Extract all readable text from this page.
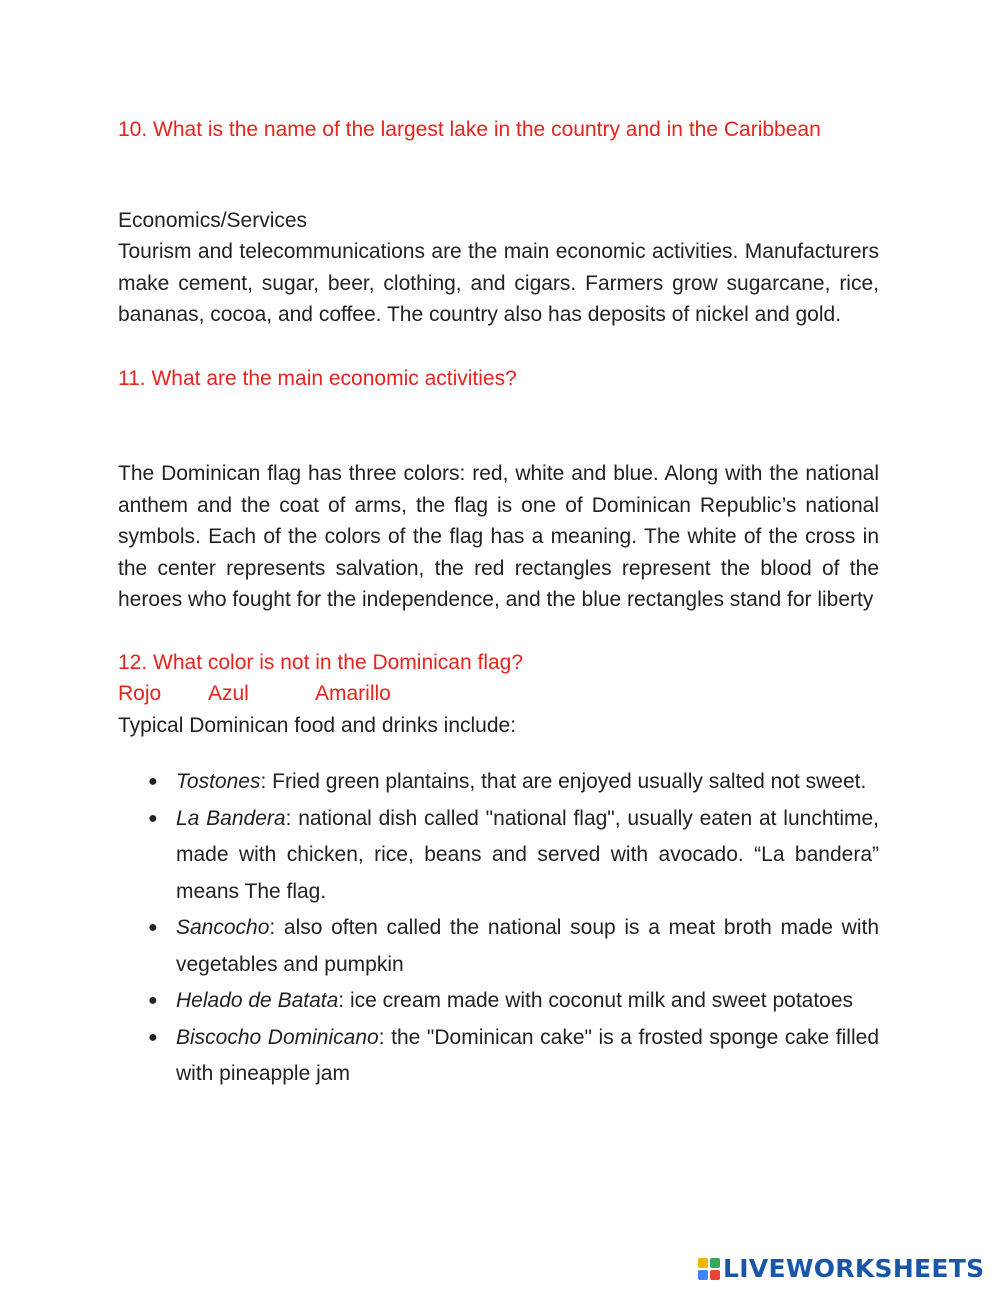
10. What is the name of the largest lake in the country and in the Caribbean

Economics/Services

Tourism and telecommunications are the main economic activities. Manufacturers make cement, sugar, beer, clothing, and cigars. Farmers grow sugarcane, rice, bananas, cocoa, and coffee. The country also has deposits of nickel and gold.

11. What are the main economic activities?

The Dominican flag has three colors: red, white and blue. Along with the national anthem and the coat of arms, the flag is one of Dominican Republic’s national symbols. Each of the colors of the flag has a meaning. The white of the cross in the center represents salvation, the red rectangles represent the blood of the heroes who fought for the independence, and the blue rectangles stand for liberty

12. What color is not in the Dominican flag?

Rojo	Azul	Amarillo

Typical Dominican food and drinks include:

● Tostones: Fried green plantains, that are enjoyed usually salted not sweet.
● La Bandera: national dish called "national flag", usually eaten at lunchtime, made with chicken, rice, beans and served with avocado. “La bandera” means The flag.
● Sancocho: also often called the national soup is a meat broth made with vegetables and pumpkin
● Helado de Batata: ice cream made with coconut milk and sweet potatoes
● Biscocho Dominicano: the "Dominican cake" is a frosted sponge cake filled with pineapple jam
LIVEWORKSHEETS
